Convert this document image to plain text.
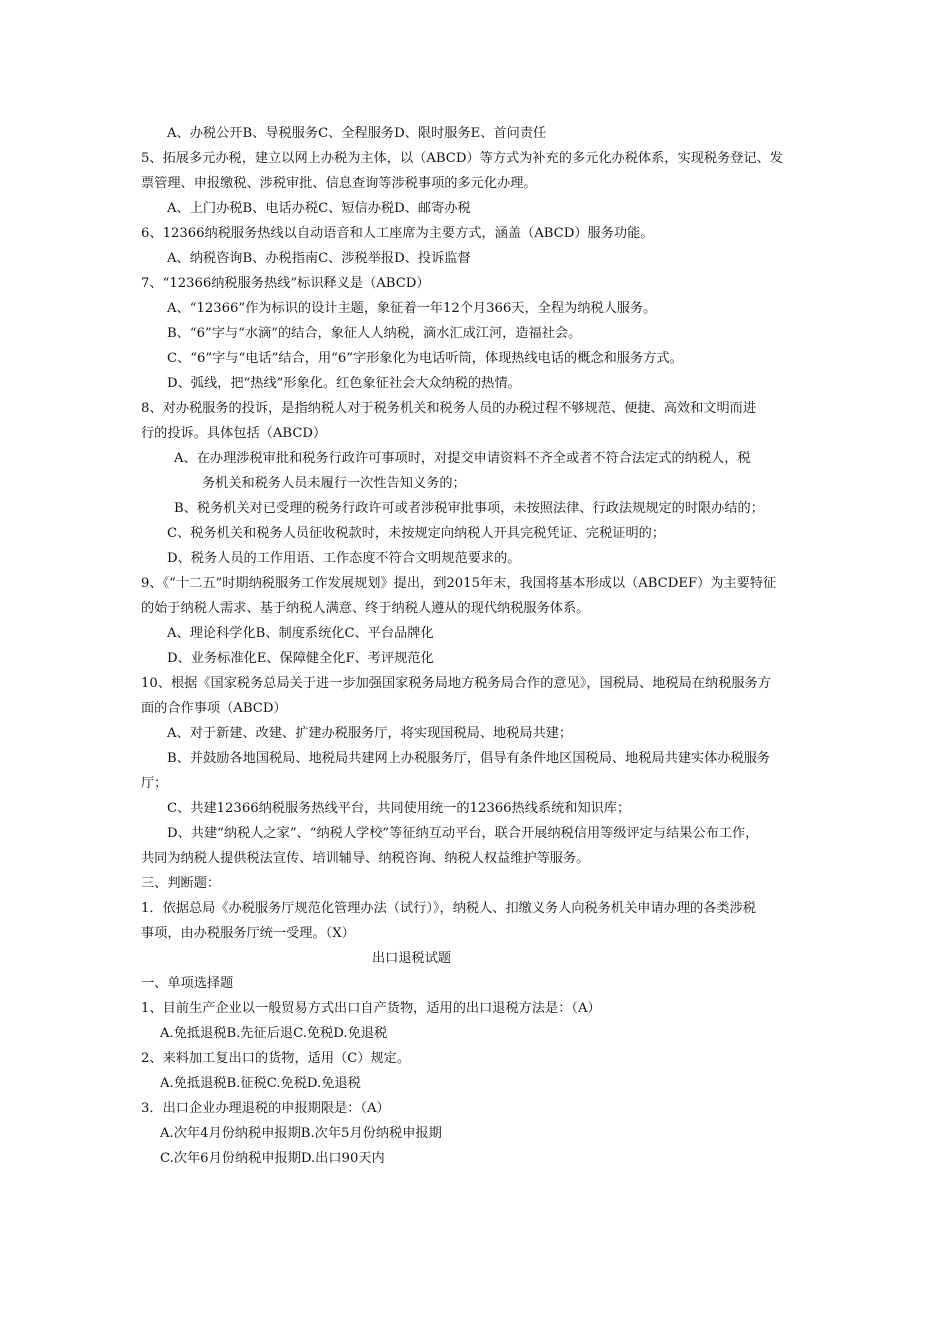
A、办税公开B、导税服务C、全程服务D、限时服务E、首问责任
5、拓展多元办税，建立以网上办税为主体，以（ABCD）等方式为补充的多元化办税体系，实现税务登记、发
票管理、申报缴税、涉税审批、信息查询等涉税事项的多元化办理。
A、上门办税B、电话办税C、短信办税D、邮寄办税
6、12366纳税服务热线以自动语音和人工座席为主要方式，涵盖（ABCD）服务功能。
A、纳税咨询B、办税指南C、涉税举报D、投诉监督
7、“12366纳税服务热线”标识释义是（ABCD）
A、“12366”作为标识的设计主题，象征着一年12个月366天，全程为纳税人服务。
B、“6”字与“水滴”的结合，象征人人纳税，滴水汇成江河，造福社会。
C、“6”字与“电话”结合，用“6”字形象化为电话听筒，体现热线电话的概念和服务方式。
D、弧线，把“热线”形象化。红色象征社会大众纳税的热情。
8、对办税服务的投诉，是指纳税人对于税务机关和税务人员的办税过程不够规范、便捷、高效和文明而进
行的投诉。具体包括（ABCD）
A、在办理涉税审批和税务行政许可事项时，对提交申请资料不齐全或者不符合法定式的纳税人，税
务机关和税务人员未履行一次性告知义务的；
B、税务机关对已受理的税务行政许可或者涉税审批事项，未按照法律、行政法规规定的时限办结的；
C、税务机关和税务人员征收税款时，未按规定向纳税人开具完税凭证、完税证明的；
D、税务人员的工作用语、工作态度不符合文明规范要求的。
9、《“十二五”时期纳税服务工作发展规划》提出，到2015年末，我国将基本形成以（ABCDEF）为主要特征
的始于纳税人需求、基于纳税人满意、终于纳税人遵从的现代纳税服务体系。
A、理论科学化B、制度系统化C、平台品牌化
D、业务标准化E、保障健全化F、考评规范化
10、根据《国家税务总局关于进一步加强国家税务局地方税务局合作的意见》，国税局、地税局在纳税服务方
面的合作事项（ABCD）
A、对于新建、改建、扩建办税服务厅，将实现国税局、地税局共建；
B、并鼓励各地国税局、地税局共建网上办税服务厅，倡导有条件地区国税局、地税局共建实体办税服务
厅；
C、共建12366纳税服务热线平台，共同使用统一的12366热线系统和知识库；
D、共建“纳税人之家”、“纳税人学校”等征纳互动平台，联合开展纳税信用等级评定与结果公布工作，
共同为纳税人提供税法宣传、培训辅导、纳税咨询、纳税人权益维护等服务。
三、判断题：
1．依据总局《办税服务厅规范化管理办法（试行）》，纳税人、扣缴义务人向税务机关申请办理的各类涉税
事项，由办税服务厅统一受理。（X）
出口退税试题
一、单项选择题
1、目前生产企业以一般贸易方式出口自产货物，适用的出口退税方法是：（A）
A.免抵退税B.先征后退C.免税D.免退税
2、来料加工复出口的货物，适用（C）规定。
A.免抵退税B.征税C.免税D.免退税
3．出口企业办理退税的申报期限是：（A）
A.次年4月份纳税申报期B.次年5月份纳税申报期
C.次年6月份纳税申报期D.出口90天内
